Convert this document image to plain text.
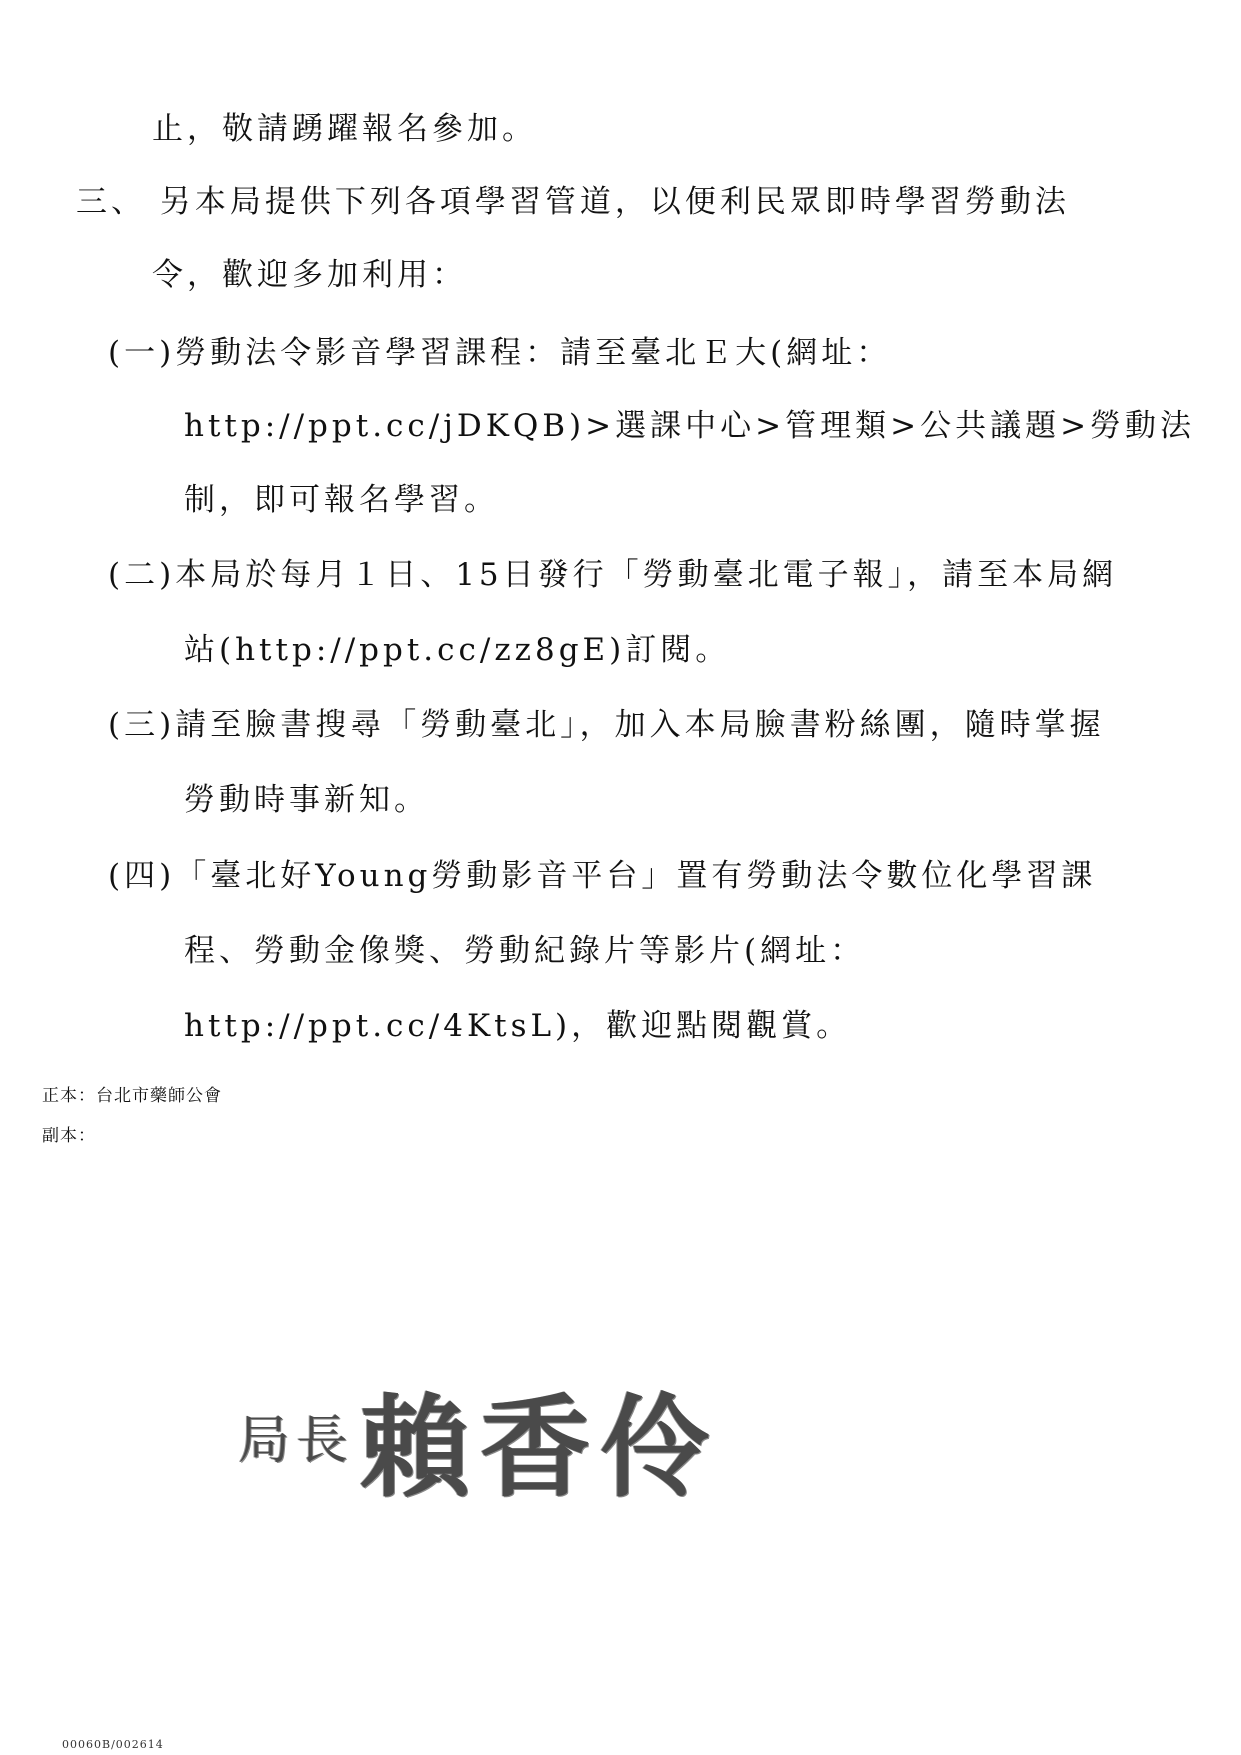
止，敬請踴躍報名參加。
三、 另本局提供下列各項學習管道，以便利民眾即時學習勞動法
令，歡迎多加利用：
(一)勞動法令影音學習課程：請至臺北Ｅ大(網址：
http://ppt.cc/jDKQB)>選課中心>管理類>公共議題>勞動法
制，即可報名學習。
(二)本局於每月１日、15日發行「勞動臺北電子報」，請至本局網
站(http://ppt.cc/zz8gE)訂閱。
(三)請至臉書搜尋「勞動臺北」，加入本局臉書粉絲團，隨時掌握
勞動時事新知。
(四)「臺北好Young勞動影音平台」置有勞動法令數位化學習課
程、勞動金像獎、勞動紀錄片等影片(網址：
http://ppt.cc/4KtsL)，歡迎點閱觀賞。
正本：台北市藥師公會
副本：
局長 賴香伶
00060B/002614
